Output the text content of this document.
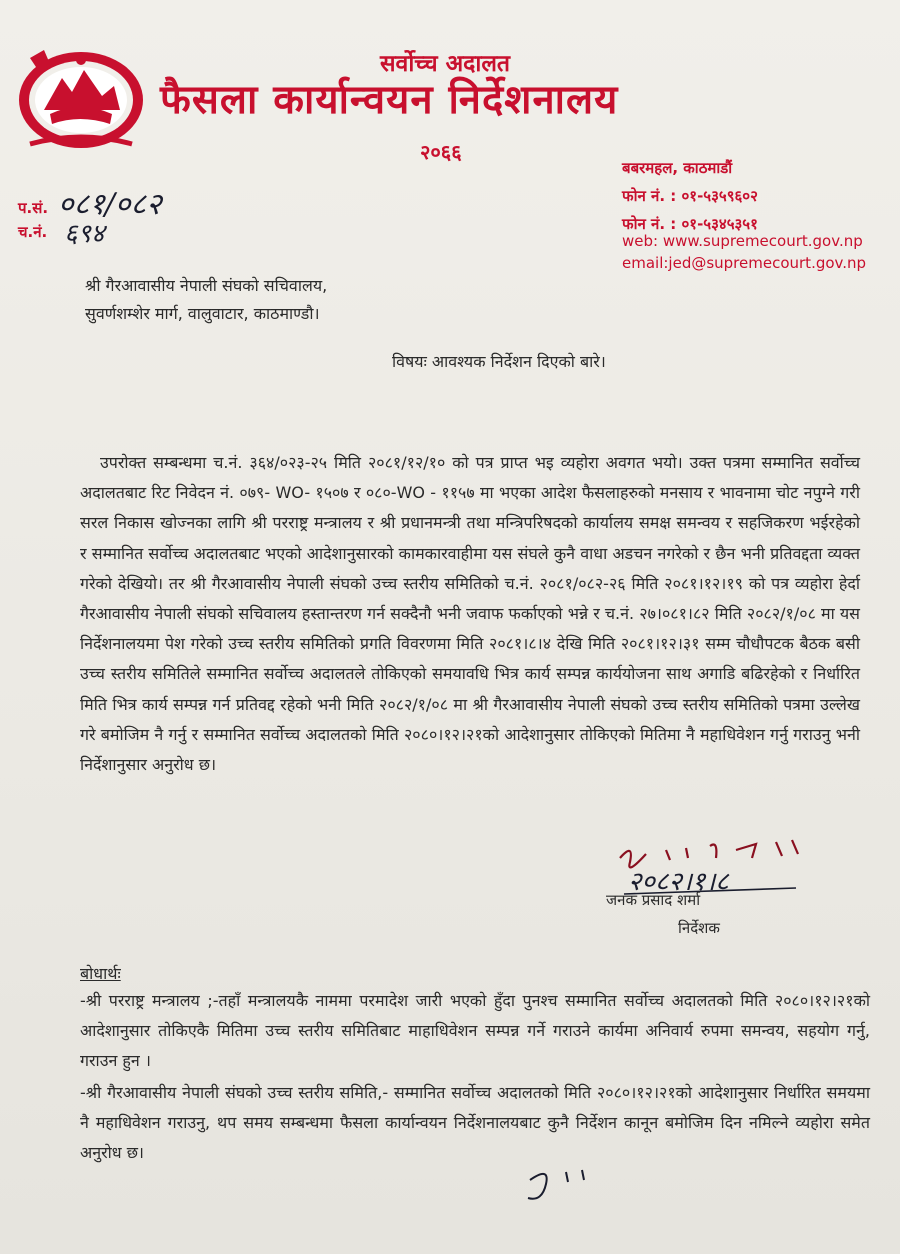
सर्वोच्च अदालत
फैसला कार्यान्वयन निर्देशनालय
२०६६
बबरमहल, काठमाडौं
फोन नं. : ०१-५३५९६०२
फोन नं. : ०१-५३४५३५१
web: www.supremecourt.gov.np
email:jed@supremecourt.gov.np
प.सं. ०८१/०८२
च.नं. ६९४
श्री गैरआवासीय नेपाली संघको सचिवालय,
सुवर्णशम्शेर मार्ग, वालुवाटार, काठमाण्डौ।
विषयः आवश्यक निर्देशन दिएको बारे।
उपरोक्त सम्बन्धमा च.नं. ३६४/०२३-२५ मिति २०८१/१२/१० को पत्र प्राप्त भइ व्यहोरा अवगत भयो। उक्त पत्रमा सम्मानित सर्वोच्च अदालतबाट रिट निवेदन नं. ०७९- WO- १५०७ र ०८०-WO - ११५७ मा भएका आदेश फैसलाहरुको मनसाय र भावनामा चोट नपुग्ने गरी सरल निकास खोज्नका लागि श्री परराष्ट्र मन्त्रालय र श्री प्रधानमन्त्री तथा मन्त्रिपरिषदको कार्यालय समक्ष समन्वय र सहजिकरण भईरहेको र सम्मानित सर्वोच्च अदालतबाट भएको आदेशानुसारको कामकारवाहीमा यस संघले कुनै वाधा अडचन नगरेको र छैन भनी प्रतिवद्दता व्यक्त गरेको देखियो। तर श्री गैरआवासीय नेपाली संघको उच्च स्तरीय समितिको च.नं. २०८१/०८२-२६ मिति २०८१।१२।१९ को पत्र व्यहोरा हेर्दा गैरआवासीय नेपाली संघको सचिवालय हस्तान्तरण गर्न सक्दैनौ भनी जवाफ फर्काएको भन्ने र च.नं. २७।०८१।८२ मिति २०८२/१/०८ मा यस निर्देशनालयमा पेश गरेको उच्च स्तरीय समितिको प्रगति विवरणमा मिति २०८१।८।४ देखि मिति २०८१।१२।३१ सम्म चौधौपटक बैठक बसी उच्च स्तरीय समितिले सम्मानित सर्वोच्च अदालतले तोकिएको समयावधि भित्र कार्य सम्पन्न कार्ययोजना साथ अगाडि बढिरहेको र निर्धारित मिति भित्र कार्य सम्पन्न गर्न प्रतिवद्द रहेको भनी मिति २०८२/१/०८ मा श्री गैरआवासीय नेपाली संघको उच्च स्तरीय समितिको पत्रमा उल्लेख गरे बमोजिम नै गर्नु र सम्मानित सर्वोच्च अदालतको मिति २०८०।१२।२१को आदेशानुसार तोकिएको मितिमा नै महाधिवेशन गर्नु गराउनु भनी निर्देशानुसार अनुरोध छ।
२०८२।१।८
जनक प्रसाद शर्मा
निर्देशक
बोधार्थः
-श्री परराष्ट्र मन्त्रालय ;-तहाँ मन्त्रालयकै नाममा परमादेश जारी भएको हुँदा पुनश्च सम्मानित सर्वोच्च अदालतको मिति २०८०।१२।२१को आदेशानुसार तोकिएकै मितिमा उच्च स्तरीय समितिबाट माहाधिवेशन सम्पन्न गर्ने गराउने कार्यमा अनिवार्य रुपमा समन्वय, सहयोग गर्नु, गराउन हुन ।
-श्री गैरआवासीय नेपाली संघको उच्च स्तरीय समिति,- सम्मानित सर्वोच्च अदालतको मिति २०८०।१२।२१को आदेशानुसार निर्धारित समयमा नै महाधिवेशन गराउनु, थप समय सम्बन्धमा फैसला कार्यान्वयन निर्देशनालयबाट कुनै निर्देशन कानून बमोजिम दिन नमिल्ने व्यहोरा समेत अनुरोध छ।
